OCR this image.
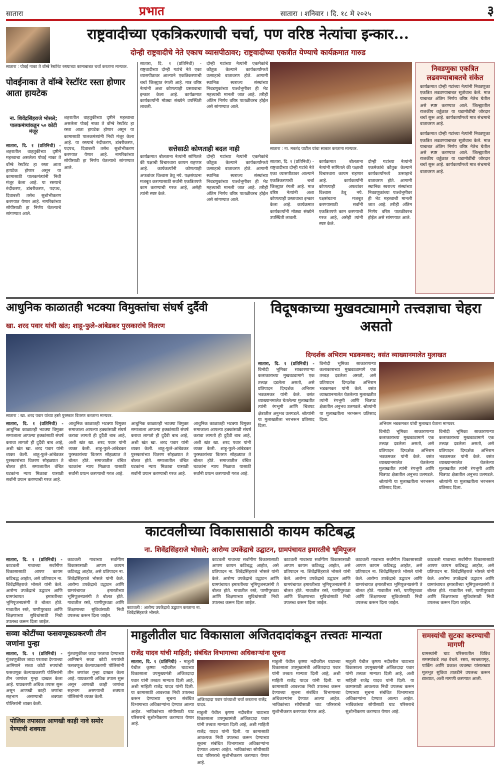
सातारा	प्रभात	सातारा । शनिवार । दि. १८ मे २०२५	३
राष्ट्रवादीच्या एकत्रिकरणाची चर्चा, पण वरिष्ठ नेत्यांचा इन्कार...
दोन्ही राष्ट्रवादीचे नेते एकाच व्यासपीठावर; राष्ट्रवादीच्या एकत्रीत येण्याचे कार्यक्रमात गारुड
सातारा : पोवई नाका ते वॉम्बे रेस्टॉरंट रस्त्याच्या कामाबाबत चर्चा करताना मान्यवर.
पोवईनाका ते वॉम्बे रेस्टॉरंट रस्ता होणार आता हायटेक
ना. शिवेंद्रसिंहराजे भोसले; पालकमंत्र्यांकडून ५० कोटी मंजूर
सातारा, दि. १ (प्रतिनिधी) - शहरातील वाहतुकीच्या दृष्टीने महत्त्वाचा असलेला पोवई नाका ते वॉम्बे रेस्टॉरंट हा रस्ता आता हायटेक होणार असून या कामासाठी पालकमंत्र्यांनी निधी मंजूर केला आहे. या रस्त्याचे रुंदीकरण, डांबरीकरण, पदपथ, दिवाबत्ती तसेच सुशोभीकरण करण्यात येणार आहे. नागरिकांच्या सोयीसाठी हा निर्णय घेतल्याचे सांगण्यात आले.
शहरातील वाहतुकीच्या दृष्टीने महत्त्वाचा असलेला पोवई नाका ते वॉम्बे रेस्टॉरंट हा रस्ता आता हायटेक होणार असून या कामासाठी पालकमंत्र्यांनी निधी मंजूर केला आहे. या रस्त्याचे रुंदीकरण, डांबरीकरण, पदपथ, दिवाबत्ती तसेच सुशोभीकरण करण्यात येणार आहे. नागरिकांच्या सोयीसाठी हा निर्णय घेतल्याचे सांगण्यात आले.
सातारा, दि. १ (प्रतिनिधी) - राष्ट्रवादीच्या दोन्ही गटांचे नेते एका व्यासपीठावर आल्याने एकत्रिकरणाची चर्चा जिल्ह्यात रंगली आहे. मात्र वरिष्ठ नेत्यांनी अशा कोणत्याही प्रस्तावाचा इन्कार केला आहे. कार्यक्रमात कार्यकर्त्यांनी मोठ्या संख्येने उपस्थिती लावली.
दोन्ही गटांच्या नेत्यांनी एकमेकांचे कौतुक केल्याने कार्यकर्त्यांमध्ये उत्साहाचे वातावरण होते. आगामी स्थानिक स्वराज्य संस्थांच्या निवडणुकांच्या पार्श्वभूमीवर ही भेट महत्त्वाची मानली जात आहे. तरीही अंतिम निर्णय वरिष्ठ पातळीवरच होईल असे सांगण्यात आले.
सातारा : ना. मकरंद पाटील यांचा सत्कार करताना मान्यवर.
सत्तेसाठी कोणताही बदल नाही
कार्यक्रमात बोलताना नेत्यांनी सांगितले की पक्षाची विचारधारा कायम राहणार आहे. कार्यकर्त्यांनी कोणत्याही अफवांवर विश्वास ठेवू नये. पक्षसंघटना मजबूत करण्यासाठी सर्वांनी एकत्रितपणे काम करण्याची गरज आहे, असेही त्यांनी स्पष्ट केले.
दोन्ही गटांच्या नेत्यांनी एकमेकांचे कौतुक केल्याने कार्यकर्त्यांमध्ये उत्साहाचे वातावरण होते. आगामी स्थानिक स्वराज्य संस्थांच्या निवडणुकांच्या पार्श्वभूमीवर ही भेट महत्त्वाची मानली जात आहे. तरीही अंतिम निर्णय वरिष्ठ पातळीवरच होईल असे सांगण्यात आले.
सातारा, दि. १ (प्रतिनिधी) - राष्ट्रवादीच्या दोन्ही गटांचे नेते एका व्यासपीठावर आल्याने एकत्रिकरणाची चर्चा जिल्ह्यात रंगली आहे. मात्र वरिष्ठ नेत्यांनी अशा कोणत्याही प्रस्तावाचा इन्कार केला आहे. कार्यक्रमात कार्यकर्त्यांनी मोठ्या संख्येने उपस्थिती लावली.
कार्यक्रमात बोलताना नेत्यांनी सांगितले की पक्षाची विचारधारा कायम राहणार आहे. कार्यकर्त्यांनी कोणत्याही अफवांवर विश्वास ठेवू नये. पक्षसंघटना मजबूत करण्यासाठी सर्वांनी एकत्रितपणे काम करण्याची गरज आहे, असेही त्यांनी स्पष्ट केले.
दोन्ही गटांच्या नेत्यांनी एकमेकांचे कौतुक केल्याने कार्यकर्त्यांमध्ये उत्साहाचे वातावरण होते. आगामी स्थानिक स्वराज्य संस्थांच्या निवडणुकांच्या पार्श्वभूमीवर ही भेट महत्त्वाची मानली जात आहे. तरीही अंतिम निर्णय वरिष्ठ पातळीवरच होईल असे सांगण्यात आले.
निवडणुका एकत्रित लढवण्याबाबतचे संकेत
कार्यक्रमात दोन्ही गटांच्या नेत्यांनी निवडणुका एकत्रित लढवण्याबाबत सूतोवाच केले. मात्र याबाबत अंतिम निर्णय वरिष्ठ नेतेच घेतील असे स्पष्ट करण्यात आले. जिल्ह्यातील राजकीय वर्तुळात या घडामोडींची जोरदार चर्चा सुरू आहे. कार्यकर्त्यांमध्ये मात्र संभ्रमाचे वातावरण आहे.
कार्यक्रमात दोन्ही गटांच्या नेत्यांनी निवडणुका एकत्रित लढवण्याबाबत सूतोवाच केले. मात्र याबाबत अंतिम निर्णय वरिष्ठ नेतेच घेतील असे स्पष्ट करण्यात आले. जिल्ह्यातील राजकीय वर्तुळात या घडामोडींची जोरदार चर्चा सुरू आहे. कार्यकर्त्यांमध्ये मात्र संभ्रमाचे वातावरण आहे.
आधुनिक काळातही भटक्या विमुक्तांचा संघर्ष दुर्दैवी
खा. शरद पवार यांची खंत; शाहू-फुले-आंबेडकर पुरस्कारांचे वितरण
सातारा : खा. शरद पवार यांच्या हस्ते पुरस्कार वितरण करताना मान्यवर.
सातारा, दि. १ (प्रतिनिधी) - आधुनिक काळातही भटक्या विमुक्त समाजाला आपल्या हक्कांसाठी संघर्ष करावा लागतो ही दुर्दैवी बाब आहे, अशी खंत खा. शरद पवार यांनी व्यक्त केली. शाहू-फुले-आंबेडकर पुरस्कारांच्या वितरण सोहळ्यात ते बोलत होते. समाजातील वंचित घटकांना न्याय मिळावा यासाठी सर्वांनी प्रयत्न करण्याची गरज आहे.
आधुनिक काळातही भटक्या विमुक्त समाजाला आपल्या हक्कांसाठी संघर्ष करावा लागतो ही दुर्दैवी बाब आहे, अशी खंत खा. शरद पवार यांनी व्यक्त केली. शाहू-फुले-आंबेडकर पुरस्कारांच्या वितरण सोहळ्यात ते बोलत होते. समाजातील वंचित घटकांना न्याय मिळावा यासाठी सर्वांनी प्रयत्न करण्याची गरज आहे.
आधुनिक काळातही भटक्या विमुक्त समाजाला आपल्या हक्कांसाठी संघर्ष करावा लागतो ही दुर्दैवी बाब आहे, अशी खंत खा. शरद पवार यांनी व्यक्त केली. शाहू-फुले-आंबेडकर पुरस्कारांच्या वितरण सोहळ्यात ते बोलत होते. समाजातील वंचित घटकांना न्याय मिळावा यासाठी सर्वांनी प्रयत्न करण्याची गरज आहे.
आधुनिक काळातही भटक्या विमुक्त समाजाला आपल्या हक्कांसाठी संघर्ष करावा लागतो ही दुर्दैवी बाब आहे, अशी खंत खा. शरद पवार यांनी व्यक्त केली. शाहू-फुले-आंबेडकर पुरस्कारांच्या वितरण सोहळ्यात ते बोलत होते. समाजातील वंचित घटकांना न्याय मिळावा यासाठी सर्वांनी प्रयत्न करण्याची गरज आहे.
विदूषकाच्या मुखवट्यामागे तत्त्वज्ञाचा चेहरा असतो
दिग्दर्शक अभिराम भडकमकर; वसंत व्याख्यानमालेत मुलाखत
सातारा, दि. १ (प्रतिनिधी) - विनोदी भूमिका साकारणाऱ्या कलाकाराच्या मुखवट्यामागे एक तत्त्वज्ञ दडलेला असतो, असे प्रतिपादन दिग्दर्शक अभिराम भडकमकर यांनी केले. वसंत व्याख्यानमालेत घेतलेल्या मुलाखतीत त्यांनी रंगभूमी आणि चित्रपट क्षेत्रातील अनुभव उलगडले. श्रोत्यांनी या मुलाखतीला भरभरून प्रतिसाद दिला.
विनोदी भूमिका साकारणाऱ्या कलाकाराच्या मुखवट्यामागे एक तत्त्वज्ञ दडलेला असतो, असे प्रतिपादन दिग्दर्शक अभिराम भडकमकर यांनी केले. वसंत व्याख्यानमालेत घेतलेल्या मुलाखतीत त्यांनी रंगभूमी आणि चित्रपट क्षेत्रातील अनुभव उलगडले. श्रोत्यांनी या मुलाखतीला भरभरून प्रतिसाद दिला.
अभिराम भडकमकर यांची मुलाखत घेताना मान्यवर.
विनोदी भूमिका साकारणाऱ्या कलाकाराच्या मुखवट्यामागे एक तत्त्वज्ञ दडलेला असतो, असे प्रतिपादन दिग्दर्शक अभिराम भडकमकर यांनी केले. वसंत व्याख्यानमालेत घेतलेल्या मुलाखतीत त्यांनी रंगभूमी आणि चित्रपट क्षेत्रातील अनुभव उलगडले. श्रोत्यांनी या मुलाखतीला भरभरून प्रतिसाद दिला.
विनोदी भूमिका साकारणाऱ्या कलाकाराच्या मुखवट्यामागे एक तत्त्वज्ञ दडलेला असतो, असे प्रतिपादन दिग्दर्शक अभिराम भडकमकर यांनी केले. वसंत व्याख्यानमालेत घेतलेल्या मुलाखतीत त्यांनी रंगभूमी आणि चित्रपट क्षेत्रातील अनुभव उलगडले. श्रोत्यांनी या मुलाखतीला भरभरून प्रतिसाद दिला.
काटवलीच्या विकासासाठी कायम कटिबद्ध
ना. शिवेंद्रसिंहराजे भोसले; आरोग्य उपकेंद्राचे उद्घाटन, ग्रामपंचायत इमारतीचे भूमिपूजन
सातारा, दि. १ (प्रतिनिधी) - काटवली गावाच्या सर्वांगीण विकासासाठी आपण कायम कटिबद्ध आहोत, असे प्रतिपादन ना. शिवेंद्रसिंहराजे भोसले यांनी केले. आरोग्य उपकेंद्राचे उद्घाटन आणि ग्रामपंचायत इमारतीच्या भूमिपूजनप्रसंगी ते बोलत होते. गावातील रस्ते, पाणीपुरवठा आणि शिक्षणाच्या सुविधांसाठी निधी उपलब्ध करून दिला जाईल.
काटवली गावाच्या सर्वांगीण विकासासाठी आपण कायम कटिबद्ध आहोत, असे प्रतिपादन ना. शिवेंद्रसिंहराजे भोसले यांनी केले. आरोग्य उपकेंद्राचे उद्घाटन आणि ग्रामपंचायत इमारतीच्या भूमिपूजनप्रसंगी ते बोलत होते. गावातील रस्ते, पाणीपुरवठा आणि शिक्षणाच्या सुविधांसाठी निधी उपलब्ध करून दिला जाईल.
काटवली : आरोग्य उपकेंद्राचे उद्घाटन करताना ना. शिवेंद्रसिंहराजे भोसले.
काटवली गावाच्या सर्वांगीण विकासासाठी आपण कायम कटिबद्ध आहोत, असे प्रतिपादन ना. शिवेंद्रसिंहराजे भोसले यांनी केले. आरोग्य उपकेंद्राचे उद्घाटन आणि ग्रामपंचायत इमारतीच्या भूमिपूजनप्रसंगी ते बोलत होते. गावातील रस्ते, पाणीपुरवठा आणि शिक्षणाच्या सुविधांसाठी निधी उपलब्ध करून दिला जाईल.
काटवली गावाच्या सर्वांगीण विकासासाठी आपण कायम कटिबद्ध आहोत, असे प्रतिपादन ना. शिवेंद्रसिंहराजे भोसले यांनी केले. आरोग्य उपकेंद्राचे उद्घाटन आणि ग्रामपंचायत इमारतीच्या भूमिपूजनप्रसंगी ते बोलत होते. गावातील रस्ते, पाणीपुरवठा आणि शिक्षणाच्या सुविधांसाठी निधी उपलब्ध करून दिला जाईल.
काटवली गावाच्या सर्वांगीण विकासासाठी आपण कायम कटिबद्ध आहोत, असे प्रतिपादन ना. शिवेंद्रसिंहराजे भोसले यांनी केले. आरोग्य उपकेंद्राचे उद्घाटन आणि ग्रामपंचायत इमारतीच्या भूमिपूजनप्रसंगी ते बोलत होते. गावातील रस्ते, पाणीपुरवठा आणि शिक्षणाच्या सुविधांसाठी निधी उपलब्ध करून दिला जाईल.
काटवली गावाच्या सर्वांगीण विकासासाठी आपण कायम कटिबद्ध आहोत, असे प्रतिपादन ना. शिवेंद्रसिंहराजे भोसले यांनी केले. आरोग्य उपकेंद्राचे उद्घाटन आणि ग्रामपंचायत इमारतीच्या भूमिपूजनप्रसंगी ते बोलत होते. गावातील रस्ते, पाणीपुरवठा आणि शिक्षणाच्या सुविधांसाठी निधी उपलब्ध करून दिला जाईल.
सव्वा कोटींच्या फसवणूकप्रकरणी तीन जणांना पुन्हा
सातारा, दि. १ (प्रतिनिधी) - गुंतवणुकीवर जादा परतावा देण्याच्या आमिषाने सव्वा कोटी रुपयांची फसवणूक केल्याप्रकरणी पोलिसांनी तीन जणांवर गुन्हा दाखल केला आहे. याप्रकरणी अधिक तपास सुरू असून आणखी काही जणांचा सहभाग असण्याची शक्यता पोलिसांनी व्यक्त केली.
गुंतवणुकीवर जादा परतावा देण्याच्या आमिषाने सव्वा कोटी रुपयांची फसवणूक केल्याप्रकरणी पोलिसांनी तीन जणांवर गुन्हा दाखल केला आहे. याप्रकरणी अधिक तपास सुरू असून आणखी काही जणांचा सहभाग असण्याची शक्यता पोलिसांनी व्यक्त केली.
पोलिस तपासात आणखी काही नावे समोर येण्याची शक्यता
माहुलीतील घाट विकासाला अजितदादांकडून तत्त्वतः मान्यता
राजेंद्र यादव यांची माहिती; संबंधित विभागाच्या अधिकाऱ्यांना सूचना
सातारा, दि. १ (प्रतिनिधी) - माहुली येथील कृष्णा नदीवरील घाटाच्या विकासाला उपमुख्यमंत्री अजितदादा पवार यांनी तत्त्वतः मान्यता दिली आहे, अशी माहिती राजेंद्र यादव यांनी दिली. या कामासाठी आवश्यक निधी उपलब्ध करून देण्याच्या सूचना संबंधित विभागाच्या अधिकाऱ्यांना देण्यात आल्या आहेत. भाविकांच्या सोयीसाठी घाट परिसराचे सुशोभीकरण करण्यात येणार आहे.
अजितदादा पवार यांच्याशी चर्चा करताना राजेंद्र यादव.
माहुली येथील कृष्णा नदीवरील घाटाच्या विकासाला उपमुख्यमंत्री अजितदादा पवार यांनी तत्त्वतः मान्यता दिली आहे, अशी माहिती राजेंद्र यादव यांनी दिली. या कामासाठी आवश्यक निधी उपलब्ध करून देण्याच्या सूचना संबंधित विभागाच्या अधिकाऱ्यांना देण्यात आल्या आहेत. भाविकांच्या सोयीसाठी घाट परिसराचे सुशोभीकरण करण्यात येणार आहे.
माहुली येथील कृष्णा नदीवरील घाटाच्या विकासाला उपमुख्यमंत्री अजितदादा पवार यांनी तत्त्वतः मान्यता दिली आहे, अशी माहिती राजेंद्र यादव यांनी दिली. या कामासाठी आवश्यक निधी उपलब्ध करून देण्याच्या सूचना संबंधित विभागाच्या अधिकाऱ्यांना देण्यात आल्या आहेत. भाविकांच्या सोयीसाठी घाट परिसराचे सुशोभीकरण करण्यात येणार आहे.
माहुली येथील कृष्णा नदीवरील घाटाच्या विकासाला उपमुख्यमंत्री अजितदादा पवार यांनी तत्त्वतः मान्यता दिली आहे, अशी माहिती राजेंद्र यादव यांनी दिली. या कामासाठी आवश्यक निधी उपलब्ध करून देण्याच्या सूचना संबंधित विभागाच्या अधिकाऱ्यांना देण्यात आल्या आहेत. भाविकांच्या सोयीसाठी घाट परिसराचे सुशोभीकरण करण्यात येणार आहे.
समस्यांची सुटका करण्याची मागणी
ग्रामस्थांनी घाट परिसरातील विविध समस्यांकडे लक्ष वेधले. रस्ता, स्वच्छतागृह, पार्किंग आणि प्रकाश व्यवस्था यांसारख्या मूलभूत सुविधा तातडीने उपलब्ध करून द्याव्यात, अशी मागणी करण्यात आली.
